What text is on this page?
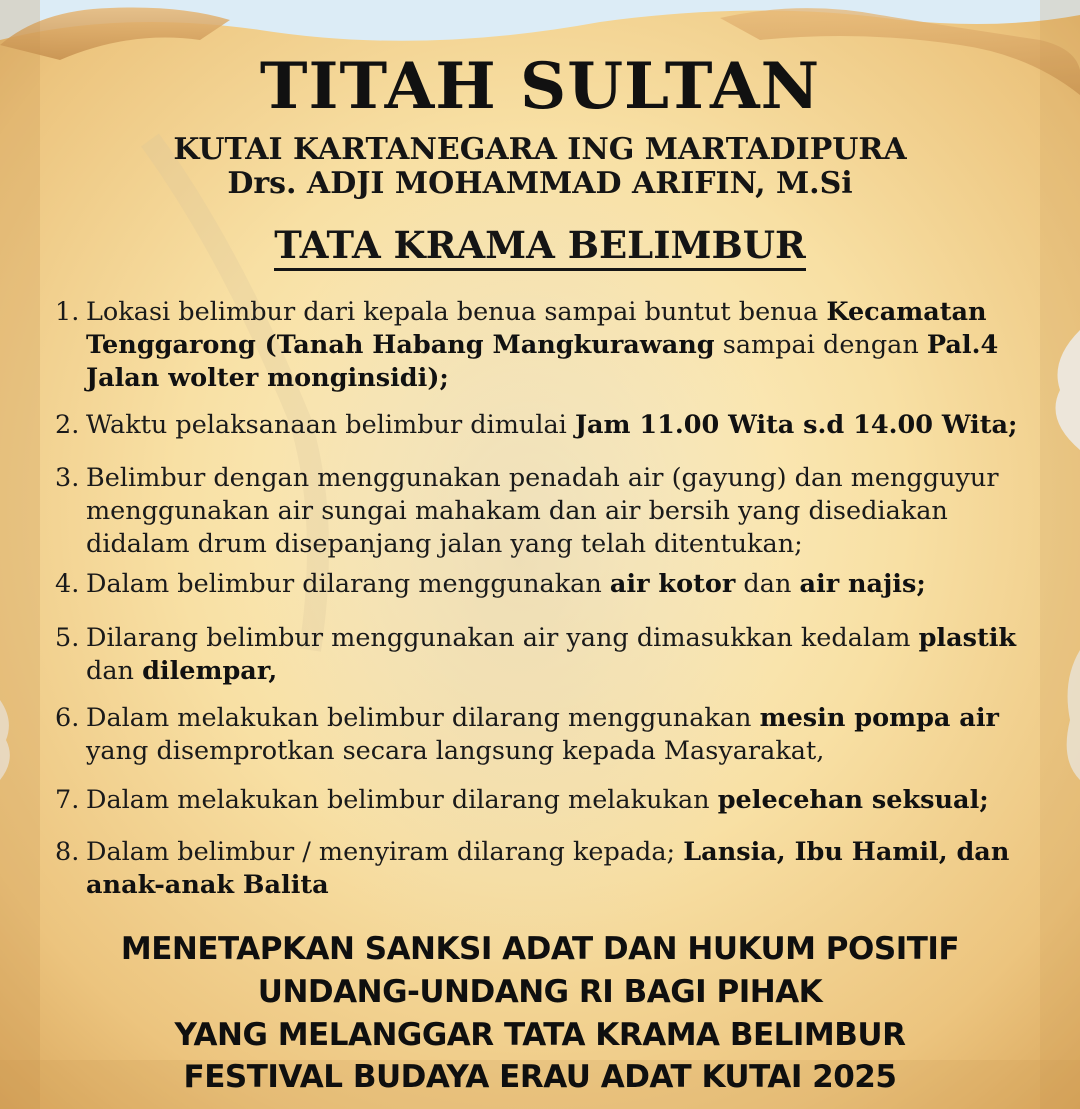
TITAH SULTAN
KUTAI KARTANEGARA ING MARTADIPURA
Drs. ADJI MOHAMMAD ARIFIN, M.Si
TATA KRAMA BELIMBUR
1. Lokasi belimbur dari kepala benua sampai buntut benua Kecamatan Tenggarong (Tanah Habang Mangkurawang sampai dengan Pal.4 Jalan wolter monginsidi);
2. Waktu pelaksanaan belimbur dimulai Jam 11.00 Wita s.d 14.00 Wita;
3. Belimbur dengan menggunakan penadah air (gayung) dan mengguyur menggunakan air sungai mahakam dan air bersih yang disediakan didalam drum disepanjang jalan yang telah ditentukan;
4. Dalam belimbur dilarang menggunakan air kotor dan air najis;
5. Dilarang belimbur menggunakan air yang dimasukkan kedalam plastik dan dilempar,
6. Dalam melakukan belimbur dilarang menggunakan mesin pompa air yang disemprotkan secara langsung kepada Masyarakat,
7. Dalam melakukan belimbur dilarang melakukan pelecehan seksual;
8. Dalam belimbur / menyiram dilarang kepada; Lansia, Ibu Hamil, dan anak-anak Balita
MENETAPKAN SANKSI ADAT DAN HUKUM POSITIF
UNDANG-UNDANG RI BAGI PIHAK
YANG MELANGGAR TATA KRAMA BELIMBUR
FESTIVAL BUDAYA ERAU ADAT KUTAI 2025
